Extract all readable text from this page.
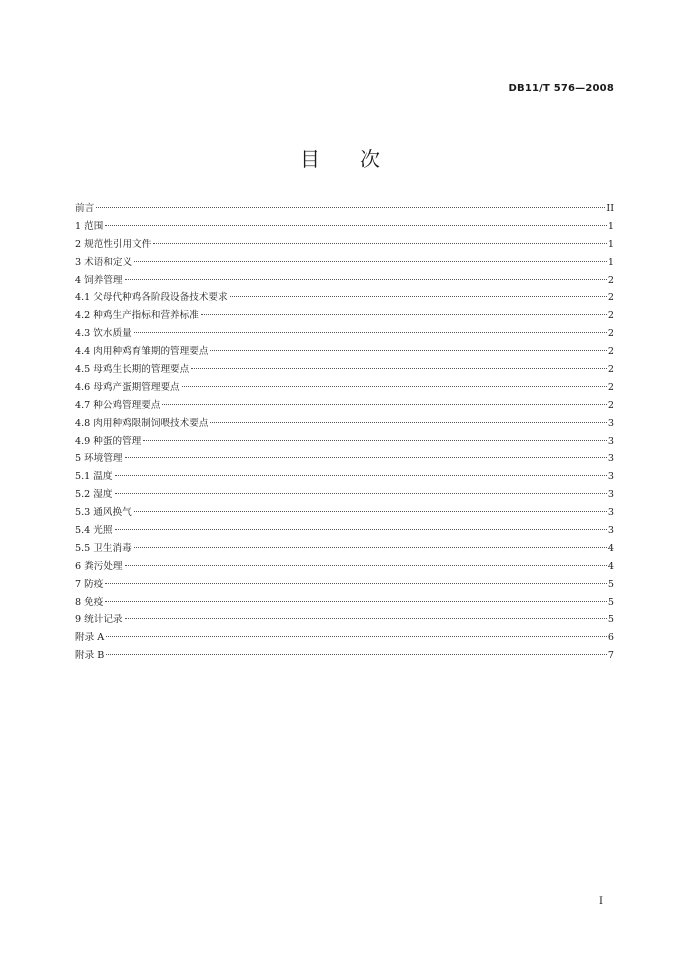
DB11/T 576—2008
目　　次
前言	II
1 范围	1
2 规范性引用文件	1
3 术语和定义	1
4 饲养管理	2
4.1 父母代种鸡各阶段设备技术要求	2
4.2 种鸡生产指标和营养标准	2
4.3 饮水质量	2
4.4 肉用种鸡育雏期的管理要点	2
4.5 母鸡生长期的管理要点	2
4.6 母鸡产蛋期管理要点	2
4.7 种公鸡管理要点	2
4.8 肉用种鸡限制饲喂技术要点	3
4.9 种蛋的管理	3
5 环境管理	3
5.1 温度	3
5.2 湿度	3
5.3 通风换气	3
5.4 光照	3
5.5 卫生消毒	4
6 粪污处理	4
7 防疫	5
8 免疫	5
9 统计记录	5
附录 A	6
附录 B	7
I
